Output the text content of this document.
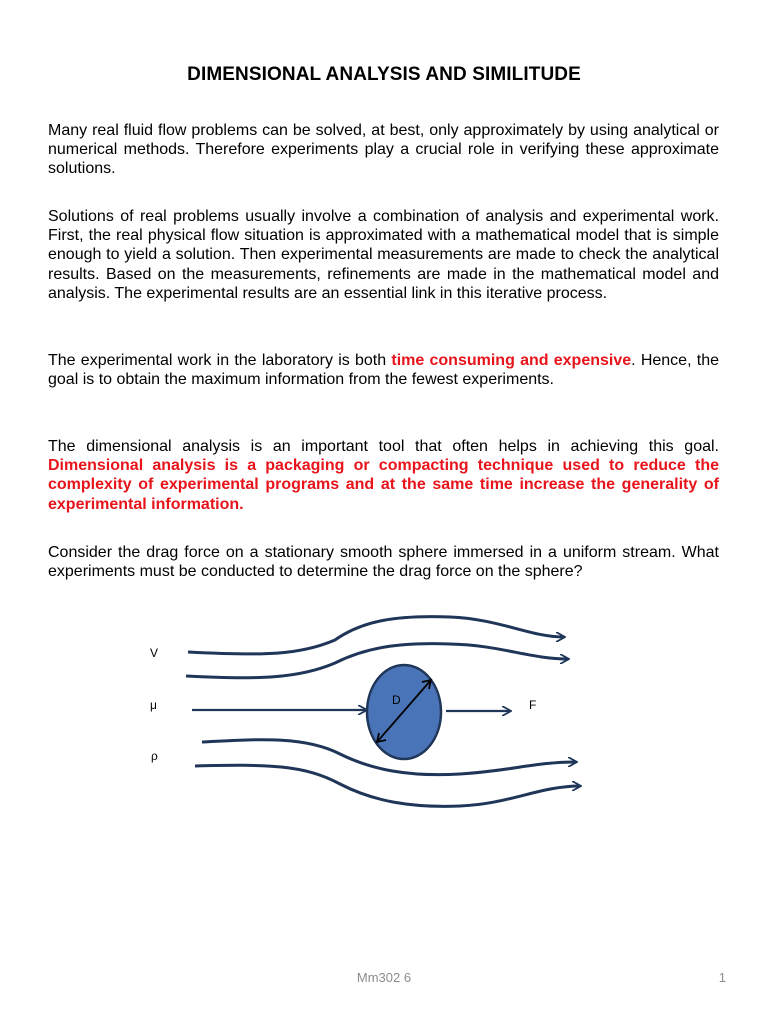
DIMENSIONAL ANALYSIS AND SIMILITUDE

Many real fluid flow problems can be solved, at best, only approximately by using analytical or numerical methods. Therefore experiments play a crucial role in verifying these approximate solutions.

Solutions of real problems usually involve a combination of analysis and experimental work. First, the real physical flow situation is approximated with a mathematical model that is simple enough to yield a solution. Then experimental measurements are made to check the analytical results. Based on the measurements, refinements are made in the mathematical model and analysis. The experimental results are an essential link in this iterative process.

The experimental work in the laboratory is both time consuming and expensive. Hence, the goal is to obtain the maximum information from the fewest experiments.

The dimensional analysis is an important tool that often helps in achieving this goal. Dimensional analysis is a packaging or compacting technique used to reduce the complexity of experimental programs and at the same time increase the generality of experimental information.

Consider the drag force on a stationary smooth sphere immersed in a uniform stream. What experiments must be conducted to determine the drag force on the sphere?

V
μ
ρ
D	F
Mm302 6	1
